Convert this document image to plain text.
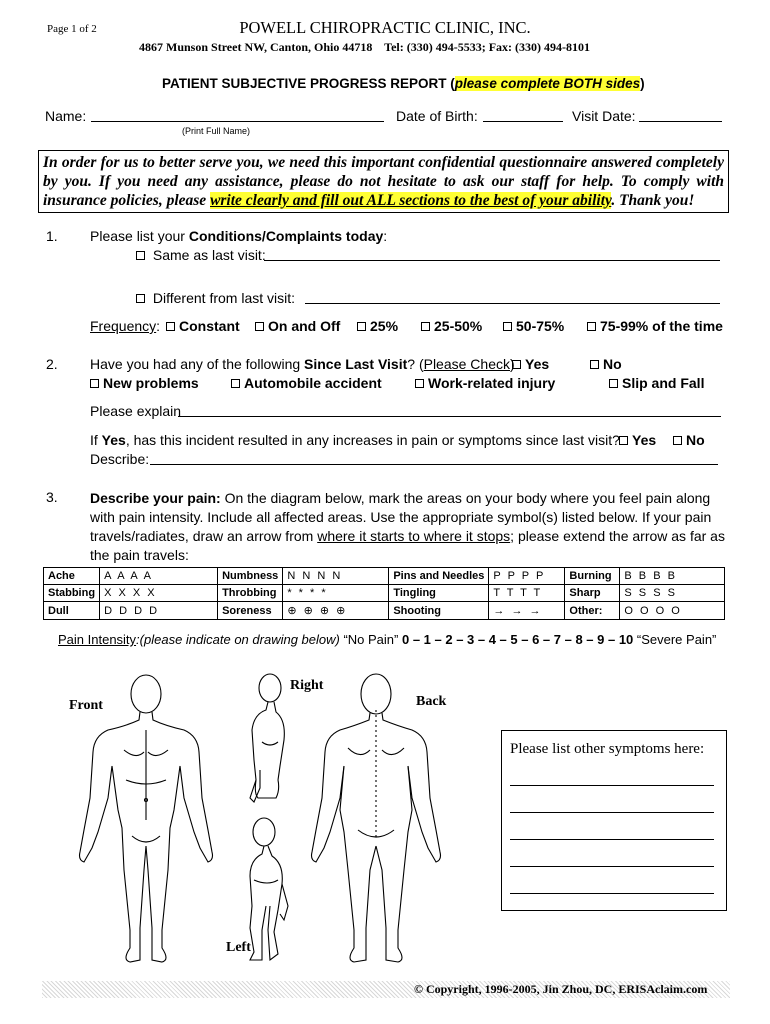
Page 1 of 2	POWELL CHIROPRACTIC CLINIC, INC.
4867 Munson Street NW, Canton, Ohio 44718 Tel: (330) 494-5533; Fax: (330) 494-8101
PATIENT SUBJECTIVE PROGRESS REPORT (please complete BOTH sides)
Name:
(Print Full Name)
Date of Birth:	Visit Date:
In order for us to better serve you, we need this important confidential questionnaire answered completely by you. If you need any assistance, please do not hesitate to ask our staff for help. To comply with insurance policies, please write clearly and fill out ALL sections to the best of your ability. Thank you!
1. Please list your Conditions/Complaints today:
Same as last visit:
Different from last visit:
Frequency:	Constant	On and Off	25%	25-50%	50-75%	75-99% of the time
2. Have you had any of the following Since Last Visit? (Please Check) Yes	No
New problems	Automobile accident	Work-related injury	Slip and Fall
Please explain
If Yes, has this incident resulted in any increases in pain or symptoms since last visit? Yes	No
Describe:
3. Describe your pain: On the diagram below, mark the areas on your body where you feel pain along with pain intensity. Include all affected areas. Use the appropriate symbol(s) listed below. If your pain travels/radiates, draw an arrow from where it starts to where it stops; please extend the arrow as far as the pain travels:
Ache	A A A A	Numbness	N N N N	Pins and Needles	P P P P	Burning	B B B B
Stabbing	X X X X	Throbbing	* * * *	Tingling	T T T T	Sharp	S S S S
Dull	D D D D	Soreness	⊕ ⊕ ⊕ ⊕	Shooting	→ → →	Other:	O O O O
Pain Intensity:(please indicate on drawing below) “No Pain” 0 – 1 – 2 – 3 – 4 – 5 – 6 – 7 – 8 – 9 – 10 “Severe Pain”
Front
Right
Back
Left
Please list other symptoms here:
© Copyright, 1996-2005, Jin Zhou, DC, ERISAclaim.com
